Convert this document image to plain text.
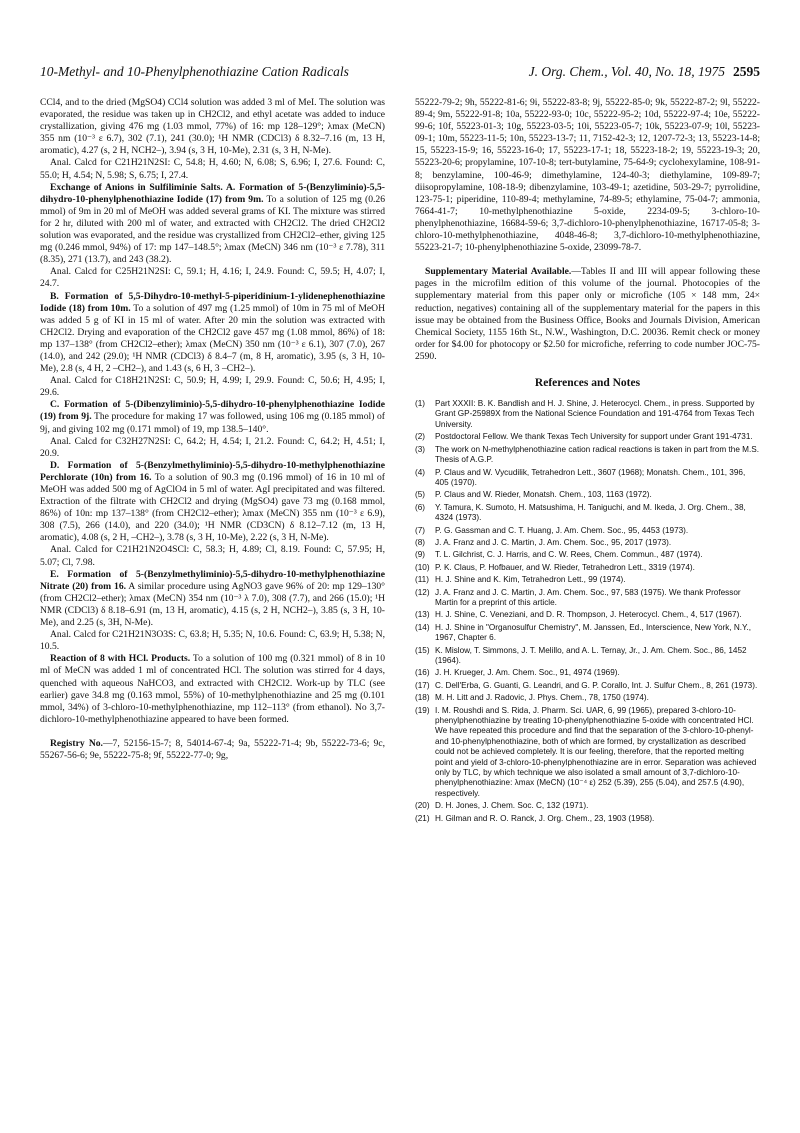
10-Methyl- and 10-Phenylphenothiazine Cation Radicals	J. Org. Chem., Vol. 40, No. 18, 1975 2595

CCl4, and to the dried (MgSO4) CCl4 solution was added 3 ml of MeI. The solution was evaporated, the residue was taken up in CH2Cl2, and ethyl acetate was added to induce crystallization, giving 476 mg (1.03 mmol, 77%) of 16: mp 128–129°; λmax (MeCN) 355 nm (10⁻³ ε 6.7), 302 (7.1), 241 (30.0); ¹H NMR (CDCl3) δ 8.32–7.16 (m, 13 H, aromatic), 4.27 (s, 2 H, NCH2–), 3.94 (s, 3 H, 10-Me), 2.31 (s, 3 H, N-Me).

Anal. Calcd for C21H21N2SI: C, 54.8; H, 4.60; N, 6.08; S, 6.96; I, 27.6. Found: C, 55.0; H, 4.54; N, 5.98; S, 6.75; I, 27.4.

Exchange of Anions in Sulfiliminie Salts. A. Formation of 5-(Benzyliminio)-5,5-dihydro-10-phenylphenothiazine Iodide (17) from 9m. To a solution of 125 mg (0.26 mmol) of 9m in 20 ml of MeOH was added several grams of KI. The mixture was stirred for 2 hr, diluted with 200 ml of water, and extracted with CH2Cl2. The dried CH2Cl2 solution was evaporated, and the residue was crystallized from CH2Cl2–ether, giving 125 mg (0.246 mmol, 94%) of 17: mp 147–148.5°; λmax (MeCN) 346 nm (10⁻³ ε 7.78), 311 (8.35), 271 (13.7), and 243 (38.2).

Anal. Calcd for C25H21N2SI: C, 59.1; H, 4.16; I, 24.9. Found: C, 59.5; H, 4.07; I, 24.7.

B. Formation of 5,5-Dihydro-10-methyl-5-piperidinium-1-ylidenephenothiazine Iodide (18) from 10m. To a solution of 497 mg (1.25 mmol) of 10m in 75 ml of MeOH was added 5 g of KI in 15 ml of water. After 20 min the solution was extracted with CH2Cl2. Drying and evaporation of the CH2Cl2 gave 457 mg (1.08 mmol, 86%) of 18: mp 137–138° (from CH2Cl2–ether); λmax (MeCN) 350 nm (10⁻³ ε 6.1), 307 (7.0), 267 (14.0), and 242 (29.0); ¹H NMR (CDCl3) δ 8.4–7 (m, 8 H, aromatic), 3.95 (s, 3 H, 10-Me), 2.8 (s, 4 H, 2 –CH2–), and 1.43 (s, 6 H, 3 –CH2–).

Anal. Calcd for C18H21N2SI: C, 50.9; H, 4.99; I, 29.9. Found: C, 50.6; H, 4.95; I, 29.6.

C. Formation of 5-(Dibenzyliminio)-5,5-dihydro-10-phenylphenothiazine Iodide (19) from 9j. The procedure for making 17 was followed, using 106 mg (0.185 mmol) of 9j, and giving 102 mg (0.171 mmol) of 19, mp 138.5–140°.

Anal. Calcd for C32H27N2SI: C, 64.2; H, 4.54; I, 21.2. Found: C, 64.2; H, 4.51; I, 20.9.

D. Formation of 5-(Benzylmethyliminio)-5,5-dihydro-10-methylphenothiazine Perchlorate (10n) from 16. To a solution of 90.3 mg (0.196 mmol) of 16 in 10 ml of MeOH was added 500 mg of AgClO4 in 5 ml of water. AgI precipitated and was filtered. Extraction of the filtrate with CH2Cl2 and drying (MgSO4) gave 73 mg (0.168 mmol, 86%) of 10n: mp 137–138° (from CH2Cl2–ether); λmax (MeCN) 355 nm (10⁻³ ε 6.9), 308 (7.5), 266 (14.0), and 220 (34.0); ¹H NMR (CD3CN) δ 8.12–7.12 (m, 13 H, aromatic), 4.08 (s, 2 H, –CH2–), 3.78 (s, 3 H, 10-Me), 2.22 (s, 3 H, N-Me).

Anal. Calcd for C21H21N2O4SCl: C, 58.3; H, 4.89; Cl, 8.19. Found: C, 57.95; H, 5.07; Cl, 7.98.

E. Formation of 5-(Benzylmethyliminio)-5,5-dihydro-10-methylphenothiazine Nitrate (20) from 16. A similar procedure using AgNO3 gave 96% of 20: mp 129–130° (from CH2Cl2–ether); λmax (MeCN) 354 nm (10⁻³ λ 7.0), 308 (7.7), and 266 (15.0); ¹H NMR (CDCl3) δ 8.18–6.91 (m, 13 H, aromatic), 4.15 (s, 2 H, NCH2–), 3.85 (s, 3 H, 10-Me), and 2.25 (s, 3H, N-Me).

Anal. Calcd for C21H21N3O3S: C, 63.8; H, 5.35; N, 10.6. Found: C, 63.9; H, 5.38; N, 10.5.

Reaction of 8 with HCl. Products. To a solution of 100 mg (0.321 mmol) of 8 in 10 ml of MeCN was added 1 ml of concentrated HCl. The solution was stirred for 4 days, quenched with aqueous NaHCO3, and extracted with CH2Cl2. Work-up by TLC (see earlier) gave 34.8 mg (0.163 mmol, 55%) of 10-methylphenothiazine and 25 mg (0.101 mmol, 34%) of 3-chloro-10-methylphenothiazine, mp 112–113° (from ethanol). No 3,7-dichloro-10-methylphenothiazine appeared to have been formed.

Registry No.—7, 52156-15-7; 8, 54014-67-4; 9a, 55222-71-4; 9b, 55222-73-6; 9c, 55267-56-6; 9e, 55222-75-8; 9f, 55222-77-0; 9g,

55222-79-2; 9h, 55222-81-6; 9i, 55222-83-8; 9j, 55222-85-0; 9k, 55222-87-2; 9l, 55222-89-4; 9m, 55222-91-8; 10a, 55222-93-0; 10c, 55222-95-2; 10d, 55222-97-4; 10e, 55222-99-6; 10f, 55223-01-3; 10g, 55223-03-5; 10i, 55223-05-7; 10k, 55223-07-9; 10l, 55223-09-1; 10m, 55223-11-5; 10n, 55223-13-7; 11, 7152-42-3; 12, 1207-72-3; 13, 55223-14-8; 15, 55223-15-9; 16, 55223-16-0; 17, 55223-17-1; 18, 55223-18-2; 19, 55223-19-3; 20, 55223-20-6; propylamine, 107-10-8; tert-butylamine, 75-64-9; cyclohexylamine, 108-91-8; benzylamine, 100-46-9; dimethylamine, 124-40-3; diethylamine, 109-89-7; diisopropylamine, 108-18-9; dibenzylamine, 103-49-1; azetidine, 503-29-7; pyrrolidine, 123-75-1; piperidine, 110-89-4; methylamine, 74-89-5; ethylamine, 75-04-7; ammonia, 7664-41-7; 10-methylphenothiazine 5-oxide, 2234-09-5; 3-chloro-10-phenylphenothiazine, 16684-59-6; 3,7-dichloro-10-phenylphenothiazine, 16717-05-8; 3-chloro-10-methylphenothiazine, 4048-46-8; 3,7-dichloro-10-methylphenothiazine, 55223-21-7; 10-phenylphenothiazine 5-oxide, 23099-78-7.

Supplementary Material Available.—Tables II and III will appear following these pages in the microfilm edition of this volume of the journal. Photocopies of the supplementary material from this paper only or microfiche (105 × 148 mm, 24× reduction, negatives) containing all of the supplementary material for the papers in this issue may be obtained from the Business Office, Books and Journals Division, American Chemical Society, 1155 16th St., N.W., Washington, D.C. 20036. Remit check or money order for $4.00 for photocopy or $2.50 for microfiche, referring to code number JOC-75-2590.

References and Notes
(1)	Part XXXII: B. K. Bandlish and H. J. Shine, J. Heterocycl. Chem., in press. Supported by Grant GP-25989X from the National Science Foundation and 191-4764 from Texas Tech University.
(2)	Postdoctoral Fellow. We thank Texas Tech University for support under Grant 191-4731.
(3)	The work on N-methylphenothiazine cation radical reactions is taken in part from the M.S. Thesis of A.G.P.
(4)	P. Claus and W. Vycudilik, Tetrahedron Lett., 3607 (1968); Monatsh. Chem., 101, 396, 405 (1970).
(5)	P. Claus and W. Rieder, Monatsh. Chem., 103, 1163 (1972).
(6)	Y. Tamura, K. Sumoto, H. Matsushima, H. Taniguchi, and M. Ikeda, J. Org. Chem., 38, 4324 (1973).
(7)	P. G. Gassman and C. T. Huang, J. Am. Chem. Soc., 95, 4453 (1973).
(8)	J. A. Franz and J. C. Martin, J. Am. Chem. Soc., 95, 2017 (1973).
(9)	T. L. Gilchrist, C. J. Harris, and C. W. Rees, Chem. Commun., 487 (1974).
(10) P. K. Claus, P. Hofbauer, and W. Rieder, Tetrahedron Lett., 3319 (1974).
(11) H. J. Shine and K. Kim, Tetrahedron Lett., 99 (1974).
(12) J. A. Franz and J. C. Martin, J. Am. Chem. Soc., 97, 583 (1975). We thank Professor Martin for a preprint of this article.
(13) H. J. Shine, C. Veneziani, and D. R. Thompson, J. Heterocycl. Chem., 4, 517 (1967).
(14) H. J. Shine in "Organosulfur Chemistry", M. Janssen, Ed., Interscience, New York, N.Y., 1967, Chapter 6.
(15) K. Mislow, T. Simmons, J. T. Melillo, and A. L. Ternay, Jr., J. Am. Chem. Soc., 86, 1452 (1964).
(16) J. H. Krueger, J. Am. Chem. Soc., 91, 4974 (1969).
(17) C. Dell'Erba, G. Guanti, G. Leandri, and G. P. Corallo, Int. J. Sulfur Chem., 8, 261 (1973).
(18) M. H. Litt and J. Radovic, J. Phys. Chem., 78, 1750 (1974).
(19) I. M. Roushdi and S. Rida, J. Pharm. Sci. UAR, 6, 99 (1965), prepared 3-chloro-10-phenylphenothiazine by treating 10-phenylphenothiazine 5-oxide with concentrated HCl. We have repeated this procedure and find that the separation of the 3-chloro-10-phenyl- and 10-phenylphenothiazine, both of which are formed, by crystallization as described could not be achieved completely. It is our feeling, therefore, that the reported melting point and yield of 3-chloro-10-phenylphenothiazine are in error. Separation was achieved only by TLC, by which technique we also isolated a small amount of 3,7-dichloro-10-phenylphenothiazine: λmax (MeCN) (10⁻⁴ ε) 252 (5.39), 255 (5.04), and 257.5 (4.90), respectively.
(20) D. H. Jones, J. Chem. Soc. C, 132 (1971).
(21) H. Gilman and R. O. Ranck, J. Org. Chem., 23, 1903 (1958).
